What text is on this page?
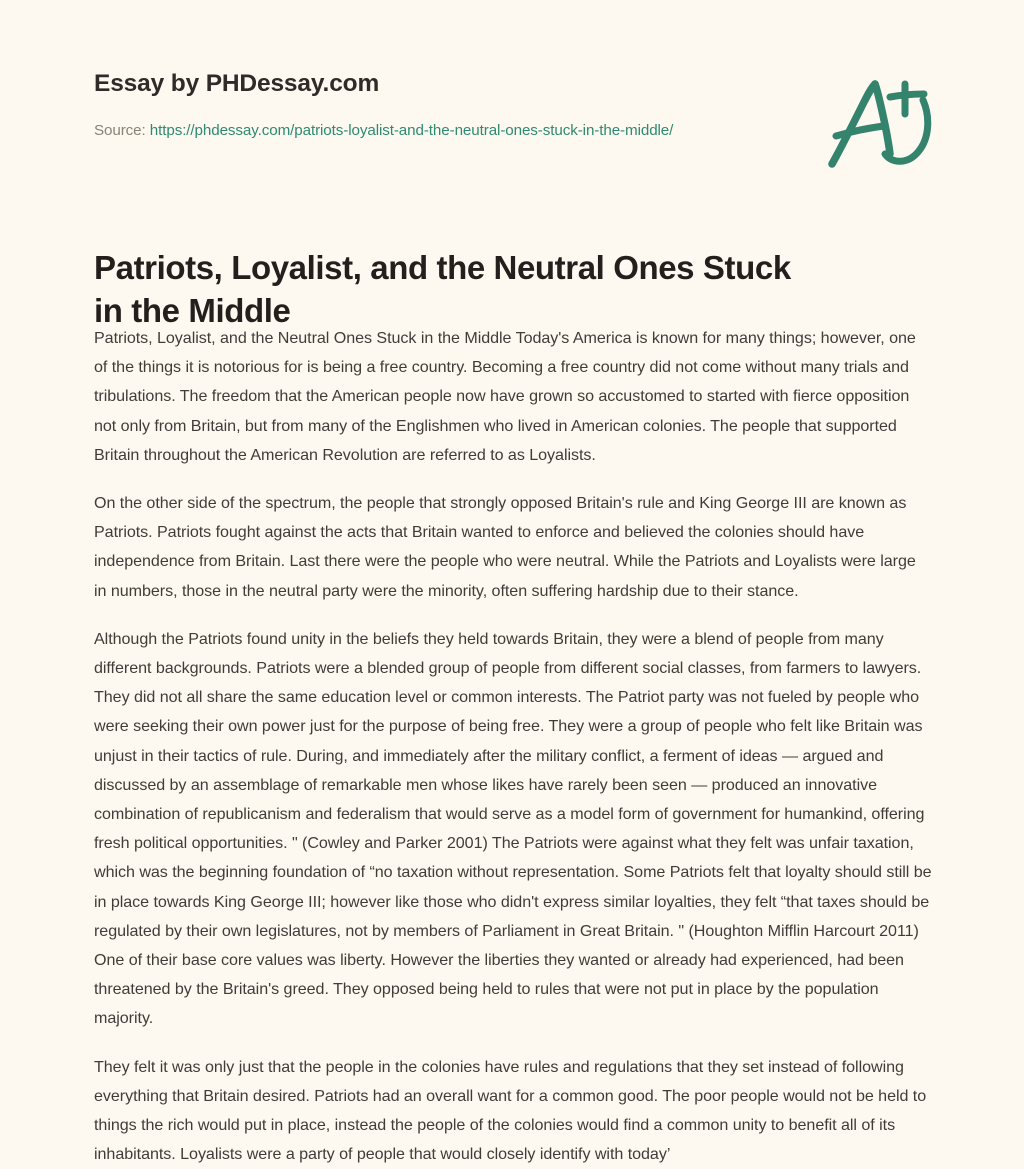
Essay by PHDessay.com
Source: https://phdessay.com/patriots-loyalist-and-the-neutral-ones-stuck-in-the-middle/
Patriots, Loyalist, and the Neutral Ones Stuck in the Middle

Patriots, Loyalist, and the Neutral Ones Stuck in the Middle Today's America is known for many things; however, one of the things it is notorious for is being a free country. Becoming a free country did not come without many trials and tribulations. The freedom that the American people now have grown so accustomed to started with fierce opposition not only from Britain, but from many of the Englishmen who lived in American colonies. The people that supported Britain throughout the American Revolution are referred to as Loyalists.

On the other side of the spectrum, the people that strongly opposed Britain's rule and King George III are known as Patriots. Patriots fought against the acts that Britain wanted to enforce and believed the colonies should have independence from Britain. Last there were the people who were neutral. While the Patriots and Loyalists were large in numbers, those in the neutral party were the minority, often suffering hardship due to their stance.

Although the Patriots found unity in the beliefs they held towards Britain, they were a blend of people from many different backgrounds. Patriots were a blended group of people from different social classes, from farmers to lawyers. They did not all share the same education level or common interests. The Patriot party was not fueled by people who were seeking their own power just for the purpose of being free. They were a group of people who felt like Britain was unjust in their tactics of rule. During, and immediately after the military conflict, a ferment of ideas — argued and discussed by an assemblage of remarkable men whose likes have rarely been seen — produced an innovative combination of republicanism and federalism that would serve as a model form of government for humankind, offering fresh political opportunities. " (Cowley and Parker 2001) The Patriots were against what they felt was unfair taxation, which was the beginning foundation of “no taxation without representation. Some Patriots felt that loyalty should still be in place towards King George III; however like those who didn't express similar loyalties, they felt “that taxes should be regulated by their own legislatures, not by members of Parliament in Great Britain. " (Houghton Mifflin Harcourt 2011) One of their base core values was liberty. However the liberties they wanted or already had experienced, had been threatened by the Britain's greed. They opposed being held to rules that were not put in place by the population majority.

They felt it was only just that the people in the colonies have rules and regulations that they set instead of following everything that Britain desired. Patriots had an overall want for a common good. The poor people would not be held to things the rich would put in place, instead the people of the colonies would find a common unity to benefit all of its inhabitants. Loyalists were a party of people that would closely identify with today’
